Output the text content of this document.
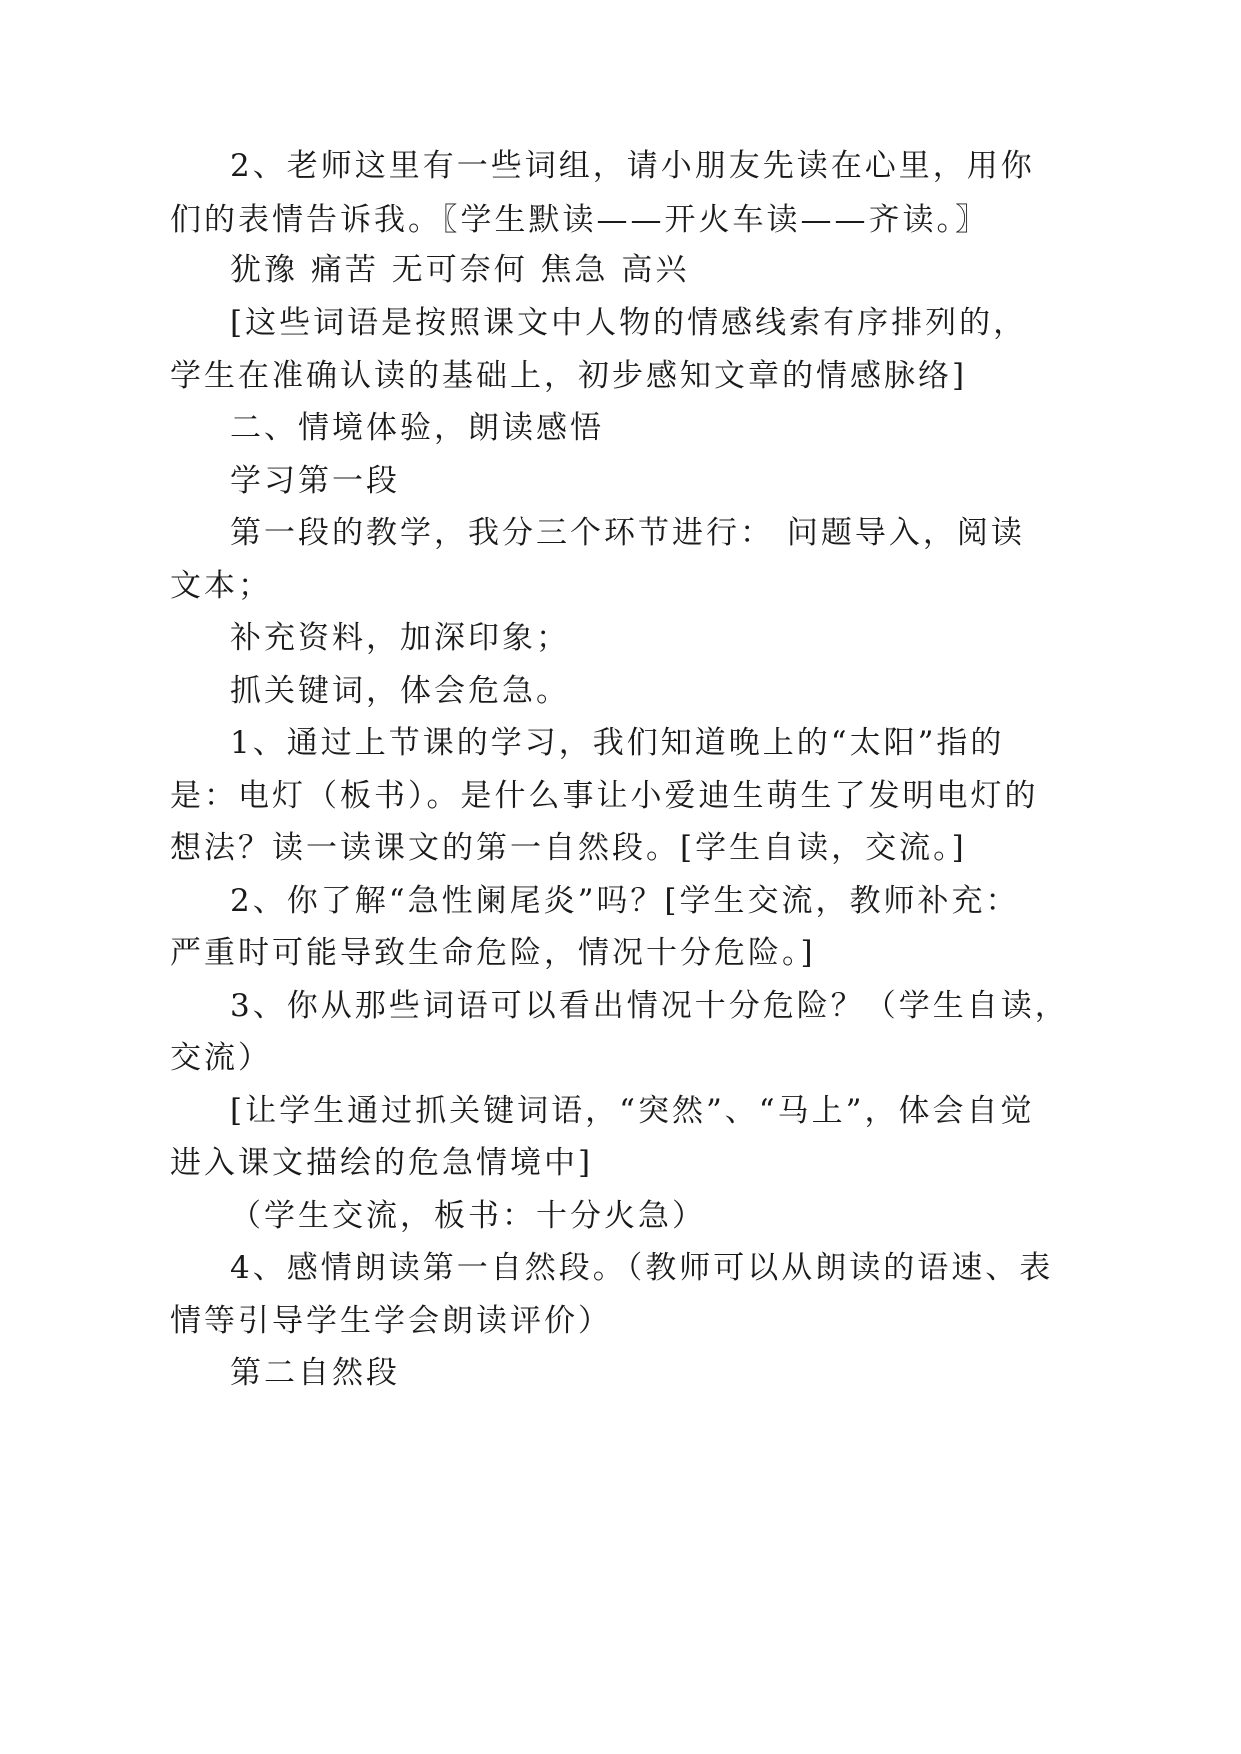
2、老师这里有一些词组，请小朋友先读在心里，用你
们的表情告诉我。〖学生默读——开火车读——齐读。〗
犹豫 痛苦 无可奈何 焦急 高兴
[这些词语是按照课文中人物的情感线索有序排列的，
学生在准确认读的基础上，初步感知文章的情感脉络]
二、情境体验，朗读感悟
学习第一段
第一段的教学，我分三个环节进行： 问题导入，阅读
文本；
补充资料，加深印象；
抓关键词，体会危急。
1、通过上节课的学习，我们知道晚上的“太阳”指的
是：电灯（板书）。是什么事让小爱迪生萌生了发明电灯的
想法？读一读课文的第一自然段。[学生自读，交流。]
2、你了解“急性阑尾炎”吗？[学生交流，教师补充：
严重时可能导致生命危险，情况十分危险。]
3、你从那些词语可以看出情况十分危险？（学生自读，
交流）
[让学生通过抓关键词语，“突然”、“马上”，体会自觉
进入课文描绘的危急情境中]
（学生交流，板书：十分火急）
4、感情朗读第一自然段。（教师可以从朗读的语速、表
情等引导学生学会朗读评价）
第二自然段
